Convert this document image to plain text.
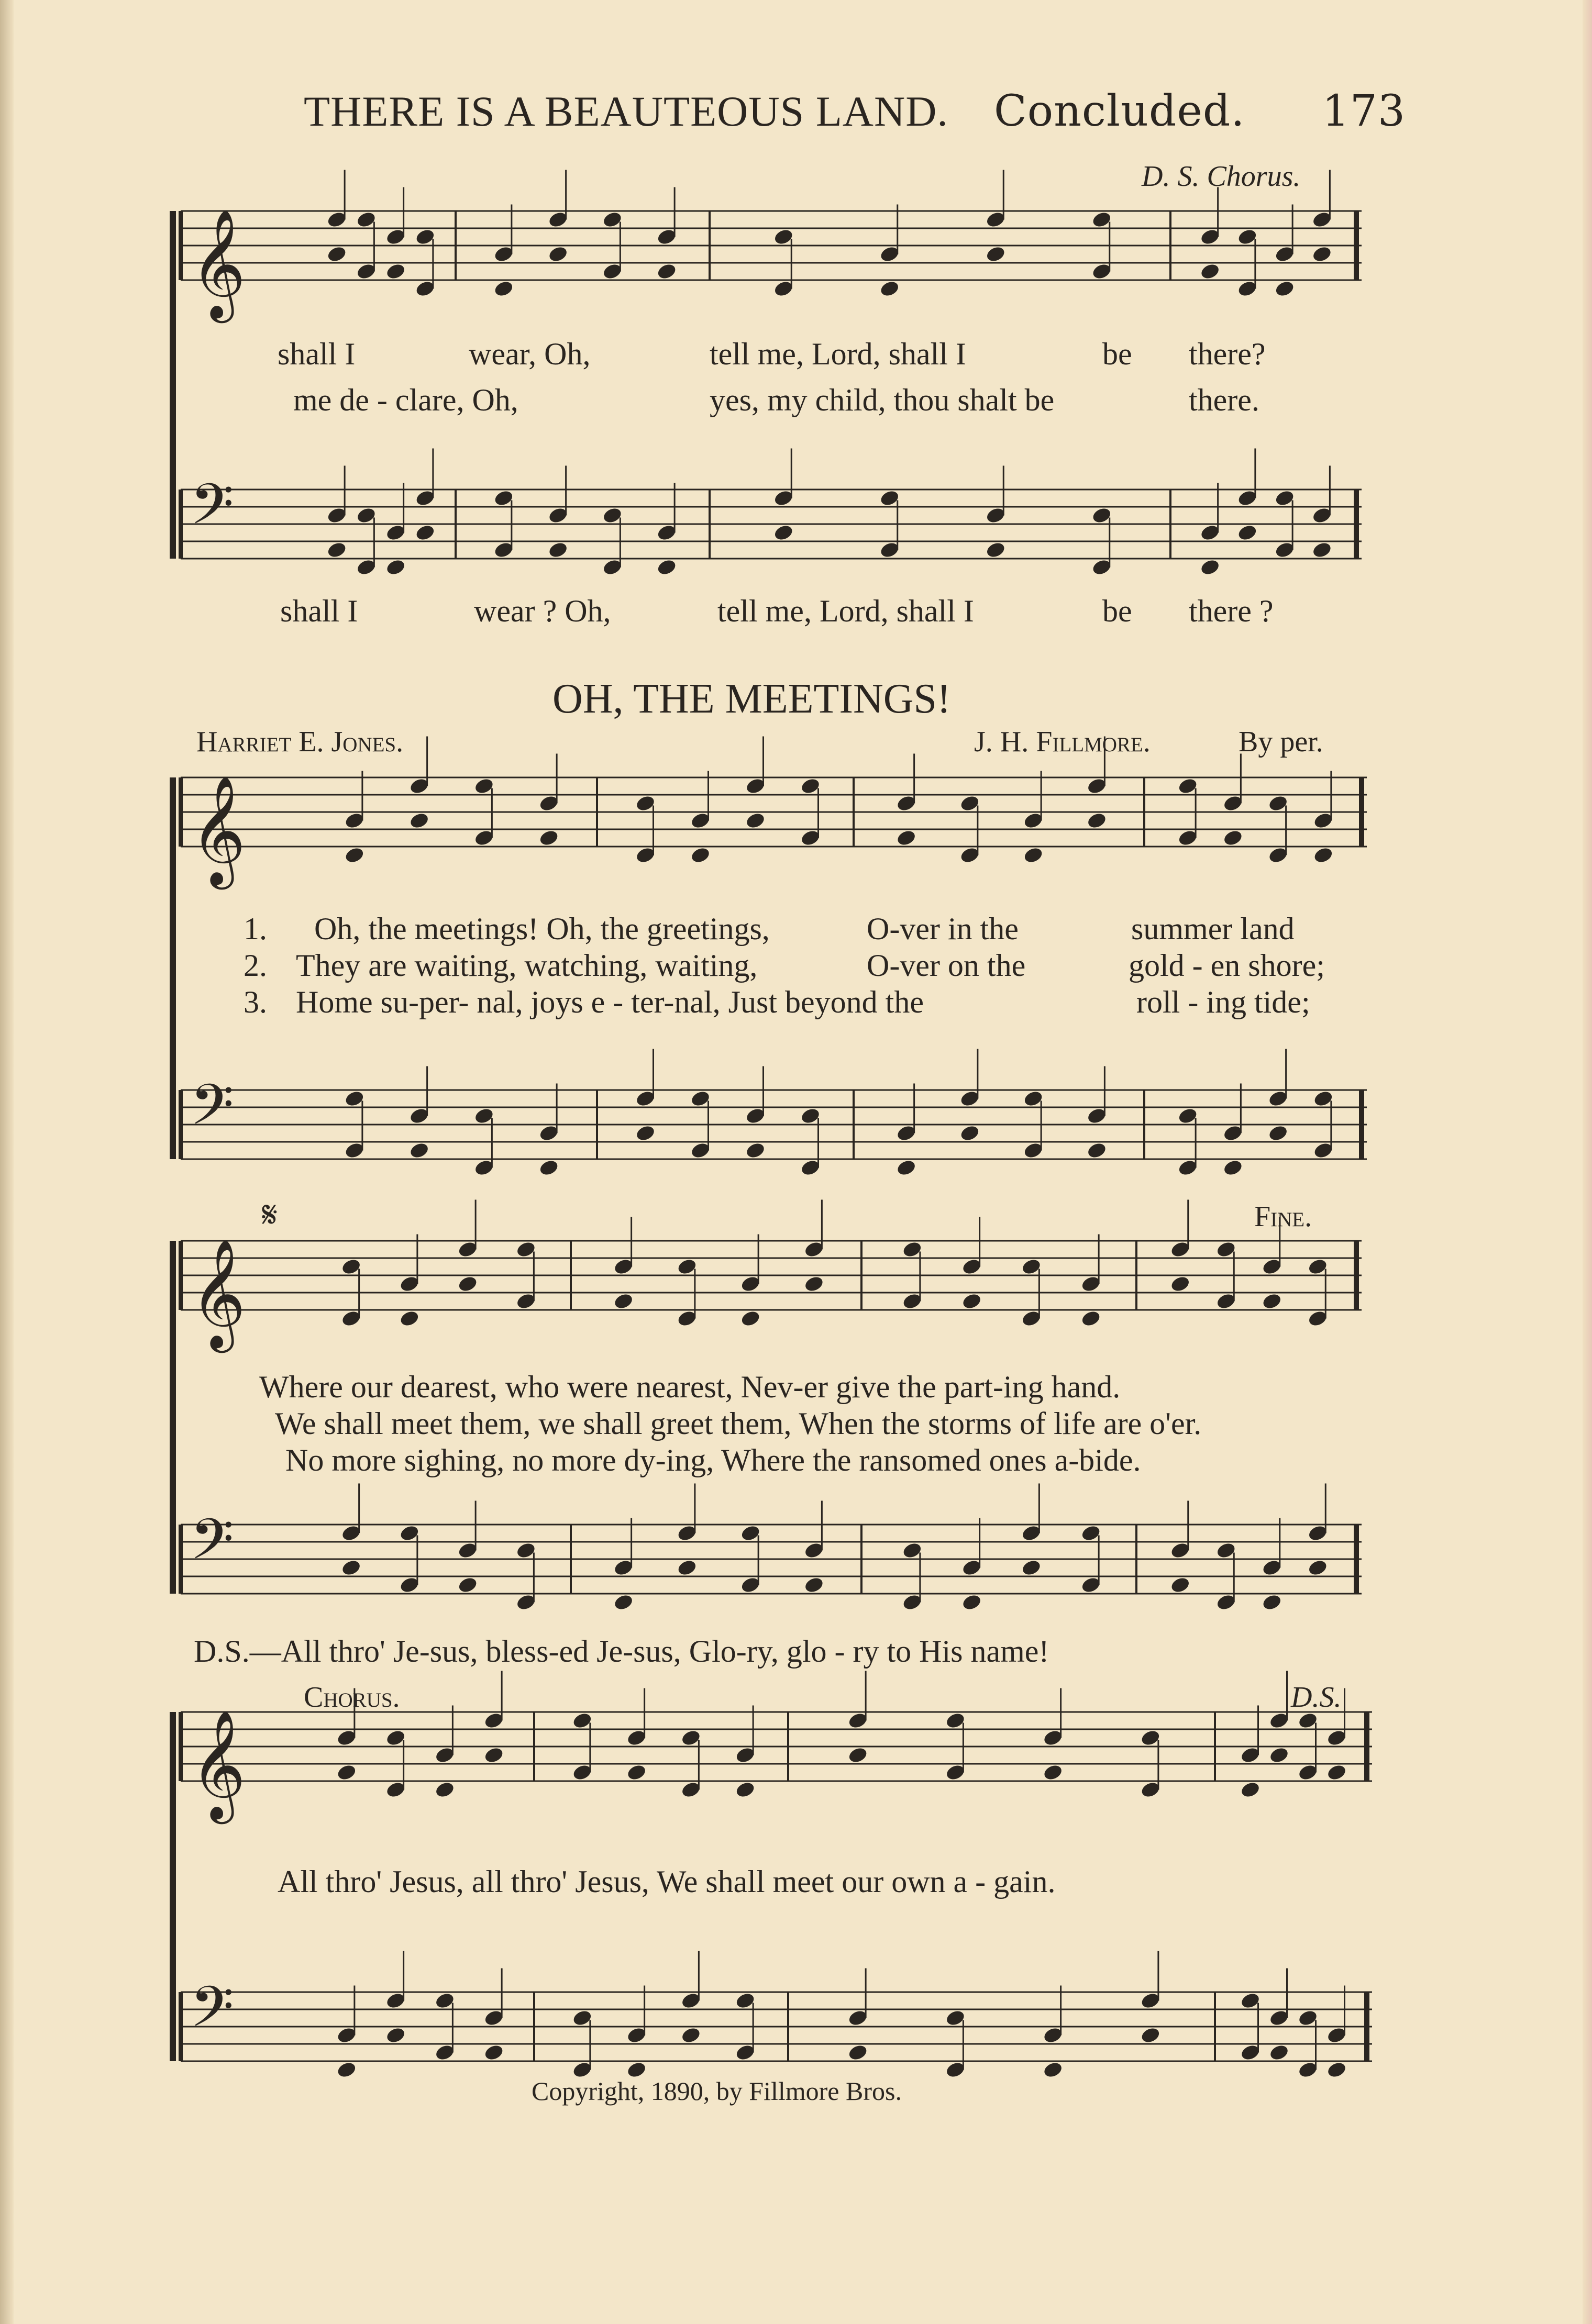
THERE IS A BEAUTEOUS LAND. Concluded. 173
𝄞
𝄢
𝄞
𝄢
𝄞
𝄢
𝄞
𝄢
D. S. Chorus.
shall I	wear, Oh,	tell me, Lord, shall I	be there?
me de - clare, Oh,	yes, my child, thou shalt be	there.
shall I	wear ? Oh,	tell me, Lord, shall I	be there ?
OH, THE MEETINGS!
Harriet E. Jones.	J. H. Fillmore.	By per.
1. Oh, the meetings! Oh, the greetings,	O-ver in the	summer land
2. They are waiting, watching, waiting,	O-ver on the	gold - en shore;
3. Home su-per- nal, joys e - ter-nal, Just beyond the	roll - ing tide;
𝄋	Fine.
Where our dearest, who were nearest, Nev-er give the part-ing hand.
We shall meet them, we shall greet them, When the storms of life are o'er.
No more sighing, no more dy-ing, Where the ransomed ones a-bide.
D.S.—All thro' Je-sus, bless-ed Je-sus, Glo-ry, glo - ry to His name!
Chorus.	D.S.
All thro' Jesus, all thro' Jesus, We shall meet our own a - gain.
Copyright, 1890, by Fillmore Bros.
